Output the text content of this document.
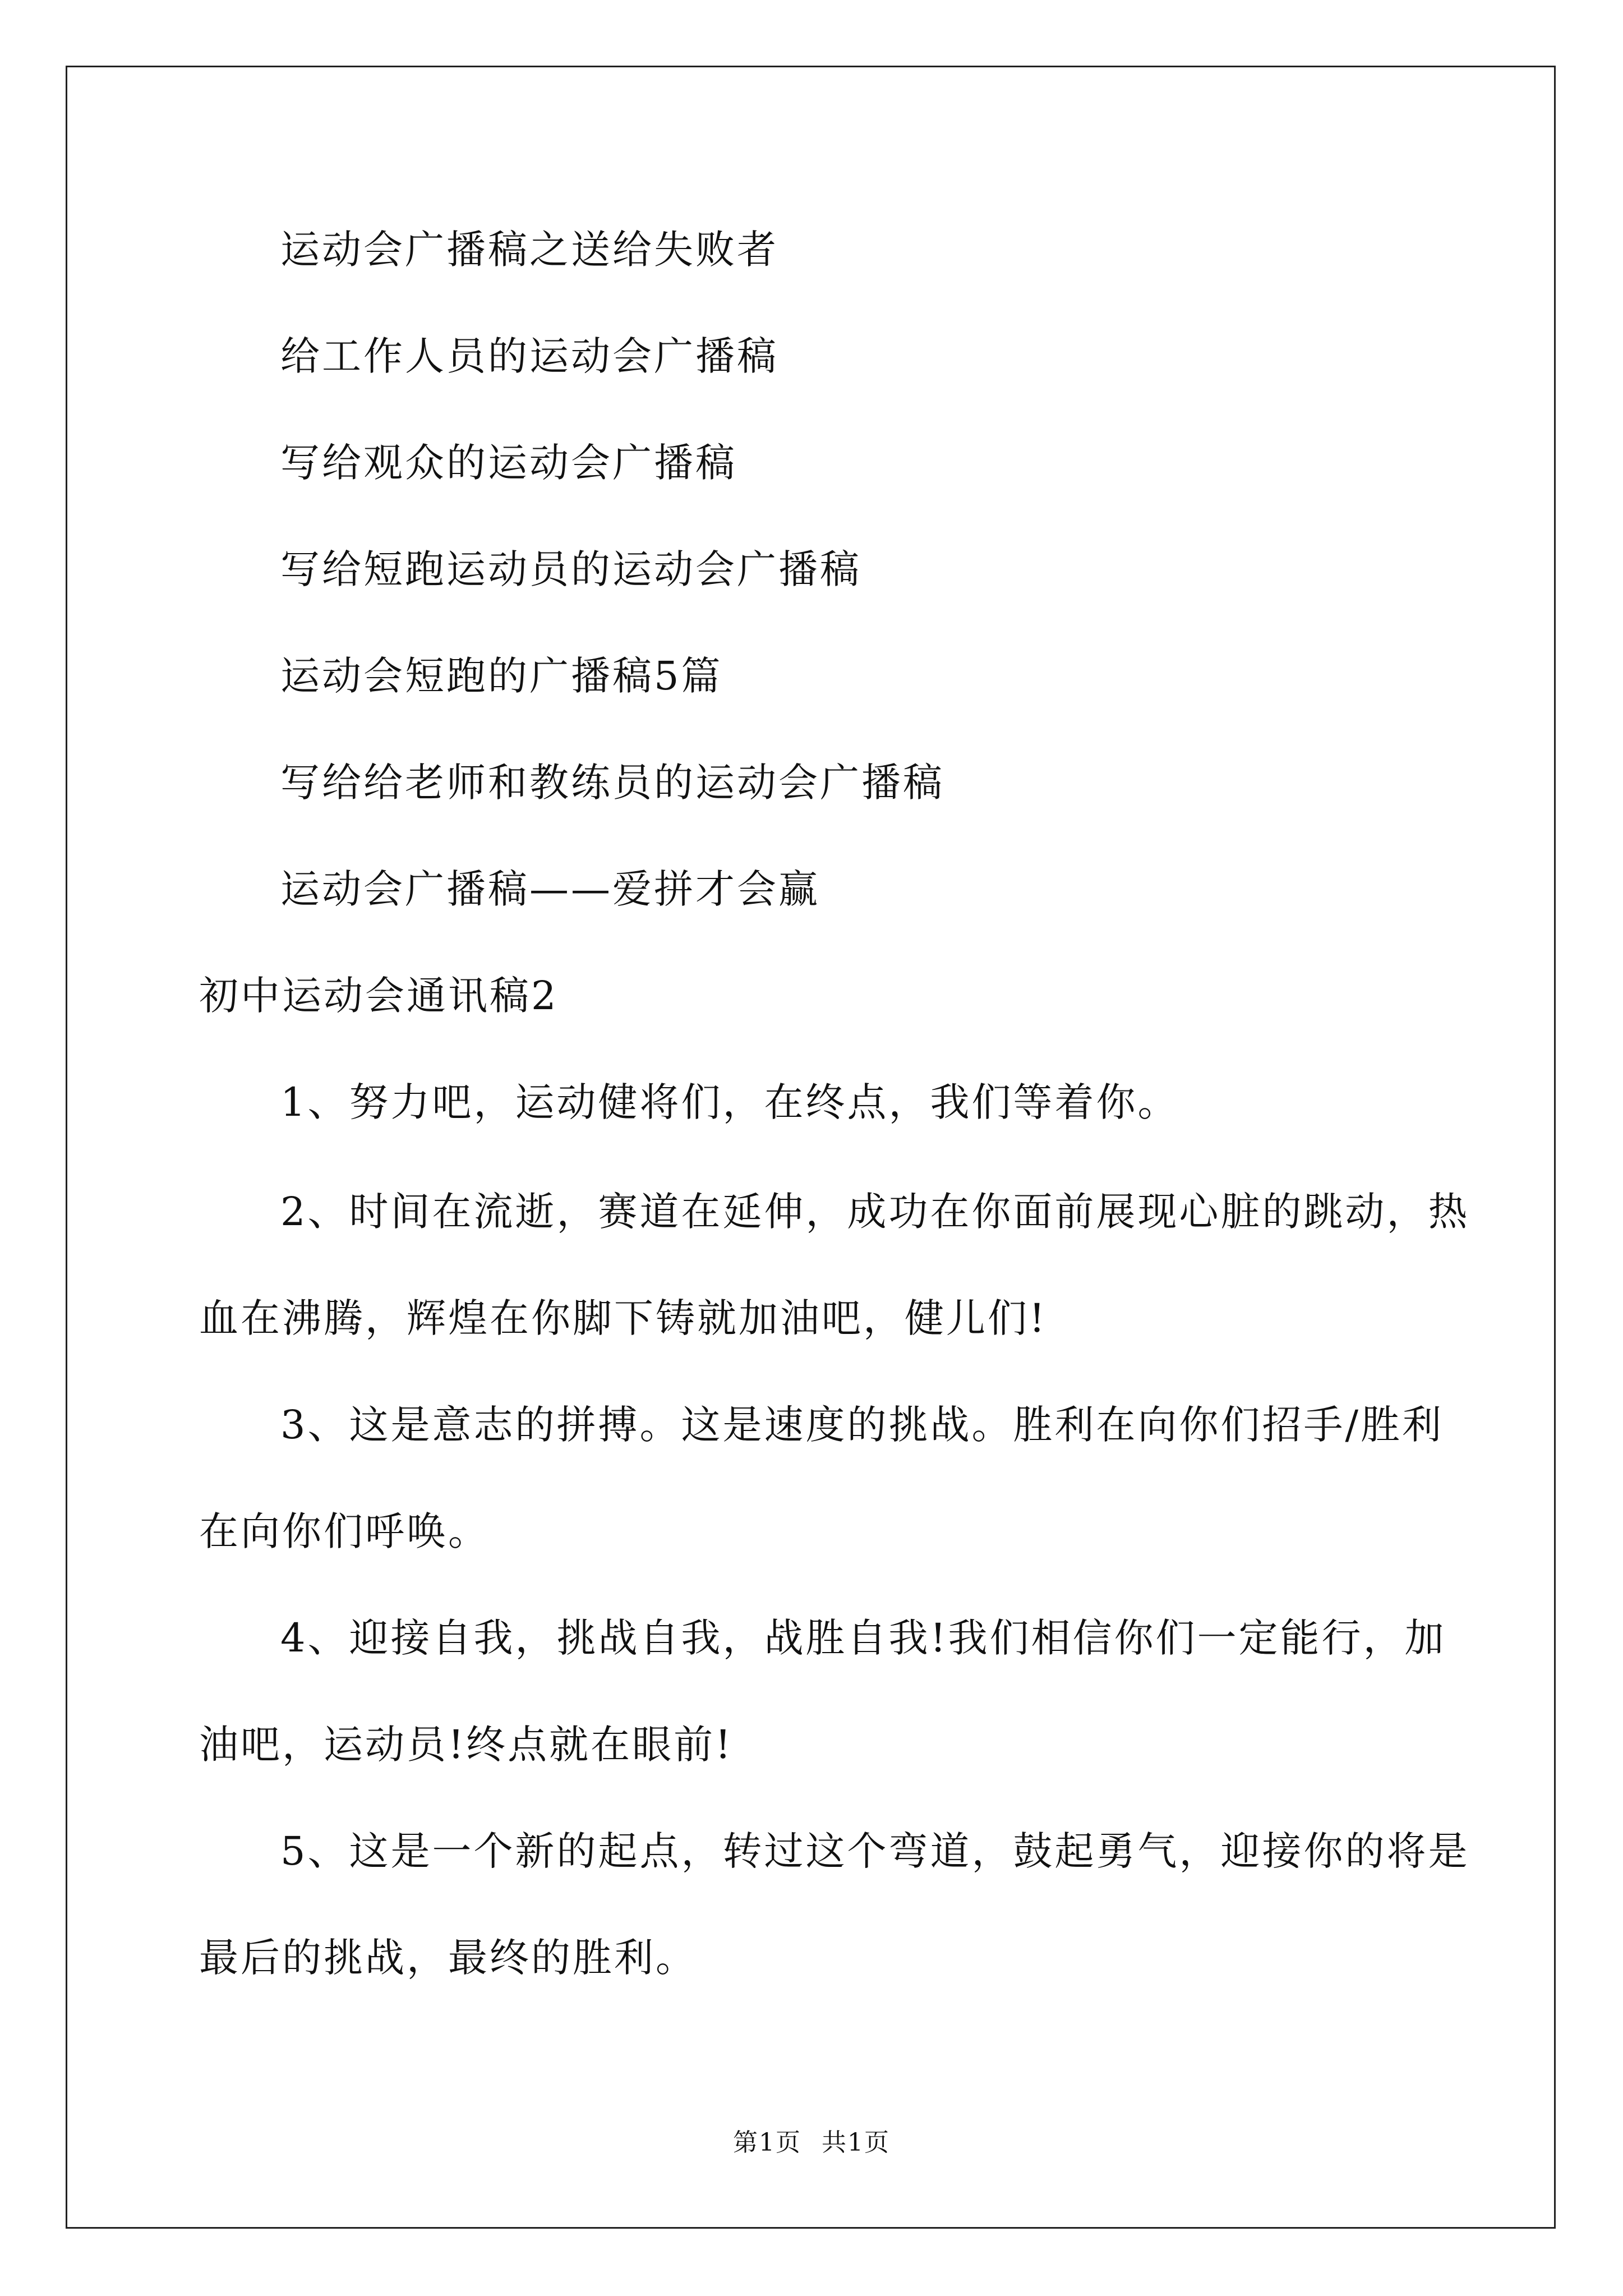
运动会广播稿之送给失败者
给工作人员的运动会广播稿
写给观众的运动会广播稿
写给短跑运动员的运动会广播稿
运动会短跑的广播稿5篇
写给给老师和教练员的运动会广播稿
运动会广播稿——爱拼才会赢
初中运动会通讯稿2
1、努力吧，运动健将们，在终点，我们等着你。
2、时间在流逝，赛道在延伸，成功在你面前展现心脏的跳动，热
血在沸腾，辉煌在你脚下铸就加油吧，健儿们!
3、这是意志的拼搏。这是速度的挑战。胜利在向你们招手/胜利
在向你们呼唤。
4、迎接自我，挑战自我，战胜自我!我们相信你们一定能行，加
油吧，运动员!终点就在眼前!
5、这是一个新的起点，转过这个弯道，鼓起勇气，迎接你的将是
最后的挑战，最终的胜利。
第1页 共1页
